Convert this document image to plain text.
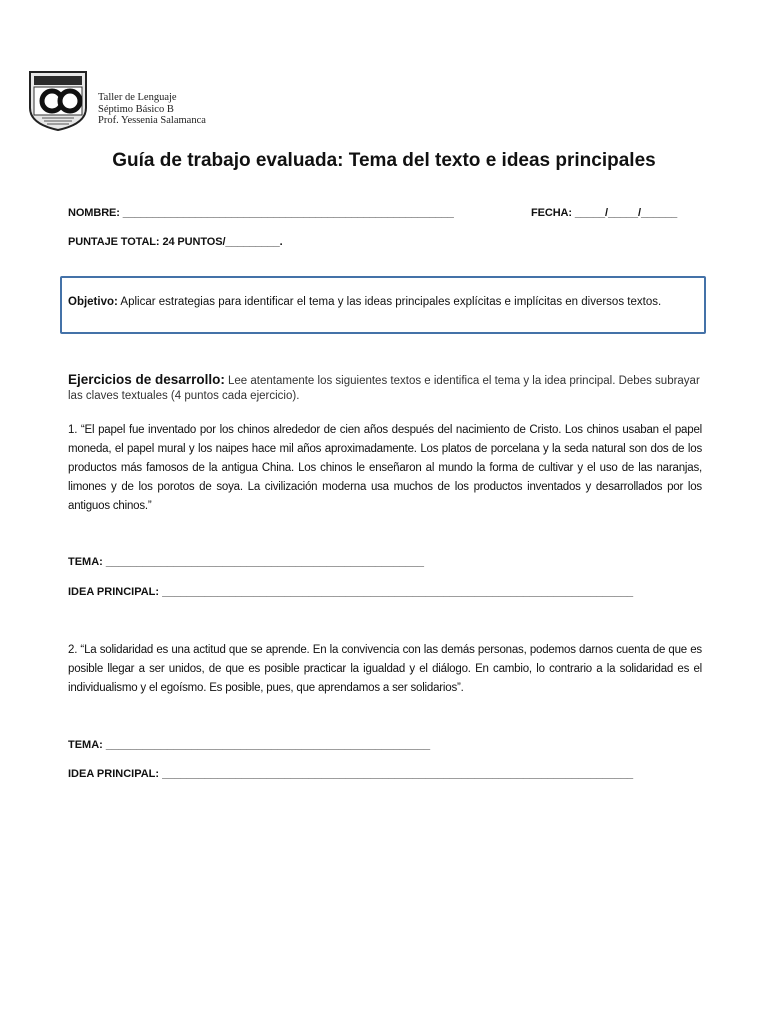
Taller de Lenguaje
Séptimo Básico B
Prof. Yessenia Salamanca
Guía de trabajo evaluada: Tema del texto e ideas principales
NOMBRE: _______________________________________________________	FECHA: _____/_____/______
PUNTAJE TOTAL: 24 PUNTOS/_________.
Objetivo: Aplicar estrategias para identificar el tema y las ideas principales explícitas e implícitas en diversos textos.
Ejercicios de desarrollo: Lee atentamente los siguientes textos e identifica el tema y la idea principal. Debes subrayar las claves textuales (4 puntos cada ejercicio).
1. “El papel fue inventado por los chinos alrededor de cien años después del nacimiento de Cristo. Los chinos usaban el papel moneda, el papel mural y los naipes hace mil años aproximadamente. Los platos de porcelana y la seda natural son dos de los productos más famosos de la antigua China. Los chinos le enseñaron al mundo la forma de cultivar y el uso de las naranjas, limones y de los porotos de soya. La civilización moderna usa muchos de los productos inventados y desarrollados por los antiguos chinos.”
TEMA: ____________________________________________________
IDEA PRINCIPAL: _____________________________________________________________________________
2. “La solidaridad es una actitud que se aprende. En la convivencia con las demás personas, podemos darnos cuenta de que es posible llegar a ser unidos, de que es posible practicar la igualdad y el diálogo. En cambio, lo contrario a la solidaridad es el individualismo y el egoísmo. Es posible, pues, que aprendamos a ser solidarios”.
TEMA: _____________________________________________________
IDEA PRINCIPAL: _____________________________________________________________________________
